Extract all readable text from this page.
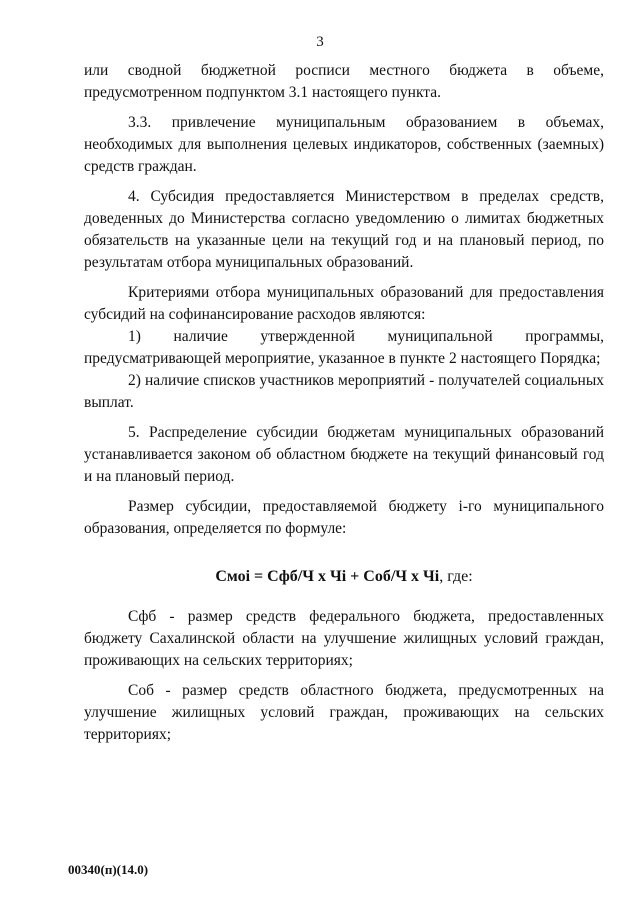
3

или сводной бюджетной росписи местного бюджета в объеме, предусмотренном подпунктом 3.1 настоящего пункта.

3.3. привлечение муниципальным образованием в объемах, необходимых для выполнения целевых индикаторов, собственных (заемных) средств граждан.

4. Субсидия предоставляется Министерством в пределах средств, доведенных до Министерства согласно уведомлению о лимитах бюджетных обязательств на указанные цели на текущий год и на плановый период, по результатам отбора муниципальных образований.

Критериями отбора муниципальных образований для предоставления субсидий на софинансирование расходов являются:

1) наличие утвержденной муниципальной программы, предусматривающей мероприятие, указанное в пункте 2 настоящего Порядка;

2) наличие списков участников мероприятий - получателей социальных выплат.

5. Распределение субсидии бюджетам муниципальных образований устанавливается законом об областном бюджете на текущий финансовый год и на плановый период.

Размер субсидии, предоставляемой бюджету i-го муниципального образования, определяется по формуле:

Смоі = Сфб/Ч х Чі + Соб/Ч х Чі, где:

Сфб - размер средств федерального бюджета, предоставленных бюджету Сахалинской области на улучшение жилищных условий граждан, проживающих на сельских территориях;

Соб - размер средств областного бюджета, предусмотренных на улучшение жилищных условий граждан, проживающих на сельских территориях;

00340(п)(14.0)
